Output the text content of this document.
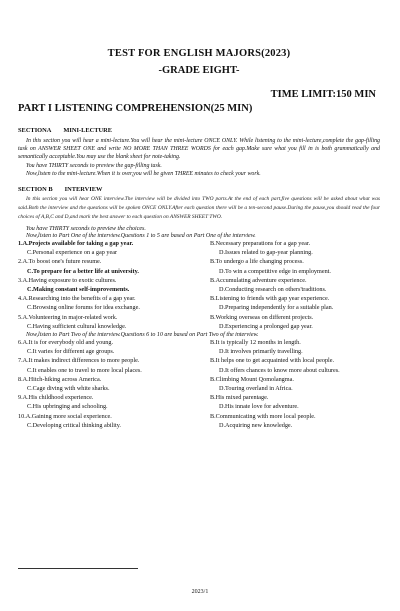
TEST FOR ENGLISH MAJORS(2023)
-GRADE EIGHT-
TIME LIMIT:150 MIN
PART I LISTENING COMPREHENSION(25 MIN)
SECTIONA MINI-LECTURE

In this section you will hear a mini-lecture.You will hear the mini-lecture ONCE ONLY. While listening to the mini-lecture,complete the gap-filling task on ANSWER SHEET ONE and write NO MORE THAN THREE WORDS for each gap.Make sure what you fill in is both grammatically and semantically acceptable.You may use the blank sheet for note-taking.

You have THIRTY seconds to preview the gap-filling task.

Now,listen to the mini-lecture.When it is over,you will be given THREE minutes to check your work.

SECTION B INTERVIEW

In this section you will hear ONE interview.The interview will be divided into TWO parts.At the end of each part,five questions will be asked about what was said.Both the interview and the questions will be spoken ONCE ONLY.After each question there will be a ten-second pause.During the pause,you should read the four choices of A,B,C and D,and mark the best answer to each question on ANSWER SHEET TWO.

You have THIRTY seconds to preview the choices.
Now,listen to Part One of the interview.Questions 1 to 5 are based on Part One of the interview.
1.A.Projects available for taking a gap year.	B.Necessary preparations for a gap year.
C.Personal experience on a gap year	D.Issues related to gap-year planning.
2.A.To boost one's future resume.	B.To undergo a life changing process.
C.To prepare for a better life at university.	D.To win a competitive edge in employment.
3.A.Having exposure to exotic cultures.	B.Accumulating adventure experience.
C.Making constant self-improvements.	D.Conducting research on others'traditions.
4.A.Researching into the benefits of a gap year.	B.Listening to friends with gap year experience.
C.Browsing online forums for idea exchange.	D.Preparing independently for a suitable plan.
5.A.Volunteering in major-related work.	B.Working overseas on different projects.
C.Having sufficient cultural knowledge.	D.Experiencing a prolonged gap year.
Now,listen to Part Two of the interview.Questions 6 to 10 are based on Part Two of the interview.
6.A.It is for everybody old and young.	B.It is typically 12 months in length.
C.It varies for different age groups.	D.It involves primarily travelling.
7.A.It makes indirect differences to more people.	B.It helps one to get acquainted with local people.
C.It enables one to travel to more local places.	D.It offers chances to know more about cultures.
8.A.Hitch-hiking across America.	B.Climbing Mount Qomolangma.
C.Cage diving with white sharks.	D.Touring overland in Africa.
9.A.His childhood experience.	B.His mixed parentage.
C.His upbringing and schooling.	D.His innate love for adventure.
10.A.Gaining more social experience.	B.Communicating with more local people.
C.Developing critical thinking ability.	D.Acquiring new knowledge.
2023/1
